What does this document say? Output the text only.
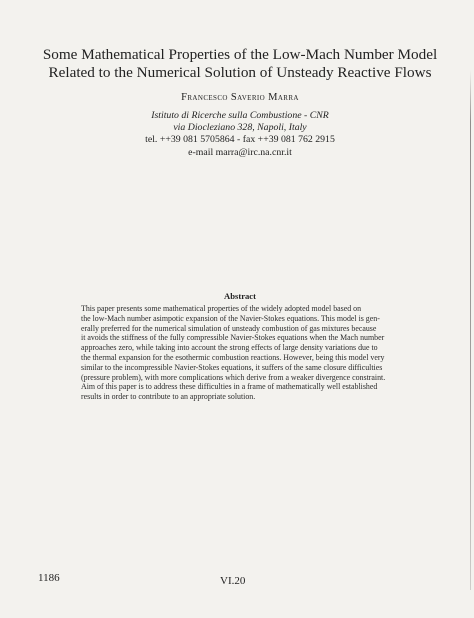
Some Mathematical Properties of the Low-Mach Number Model
Related to the Numerical Solution of Unsteady Reactive Flows
Francesco Saverio Marra
Istituto di Ricerche sulla Combustione - CNR
via Diocleziano 328, Napoli, Italy
tel. ++39 081 5705864 - fax ++39 081 762 2915
e-mail marra@irc.na.cnr.it
Abstract
This paper presents some mathematical properties of the widely adopted model based on
the low-Mach number asimpotic expansion of the Navier-Stokes equations. This model is gen-
erally preferred for the numerical simulation of unsteady combustion of gas mixtures because
it avoids the stiffness of the fully compressible Navier-Stokes equations when the Mach number
approaches zero, while taking into account the strong effects of large density variations due to
the thermal expansion for the esothermic combustion reactions. However, being this model very
similar to the incompressible Navier-Stokes equations, it suffers of the same closure difficulties
(pressure problem), with more complications which derive from a weaker divergence constraint.
Aim of this paper is to address these difficulties in a frame of mathematically well established
results in order to contribute to an appropriate solution.
1186	VI.20
